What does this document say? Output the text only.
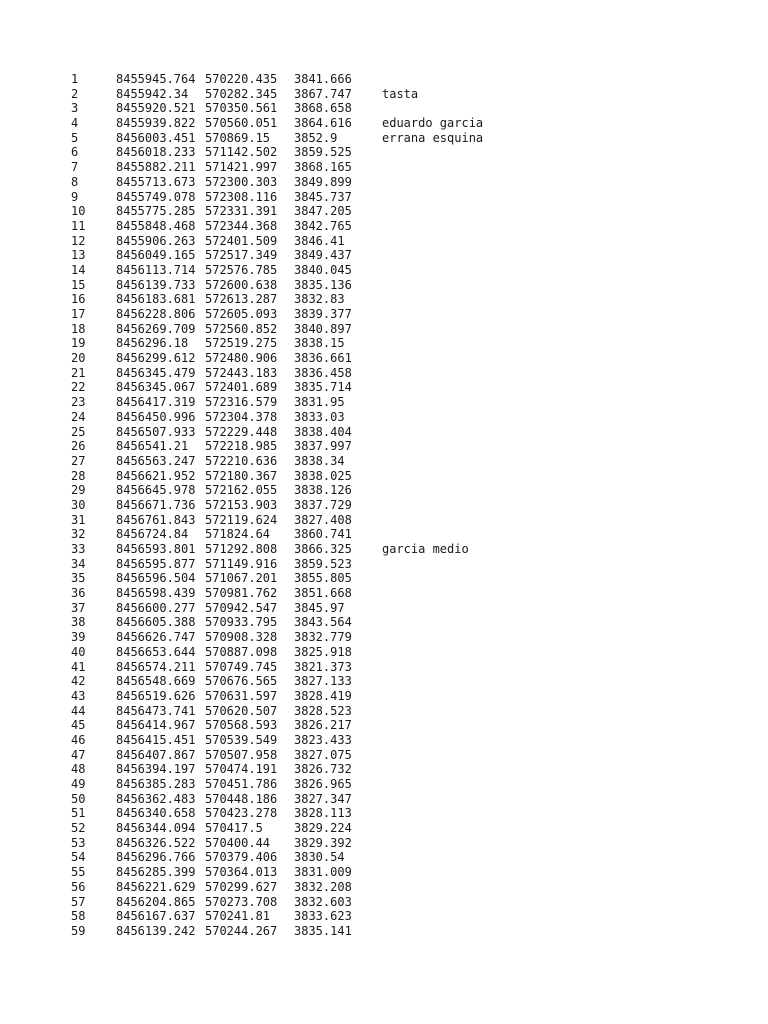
1	8455945.764 570220.435 3841.666
2	8455942.34 570282.345 3867.747	tasta
3	8455920.521 570350.561 3868.658
4	8455939.822 570560.051 3864.616	eduardo garcia
5	8456003.451 570869.15 3852.9	errana esquina
6	8456018.233 571142.502 3859.525
7	8455882.211 571421.997 3868.165
8	8455713.673 572300.303 3849.899
9	8455749.078 572308.116 3845.737
10	8455775.285 572331.391 3847.205
11	8455848.468 572344.368 3842.765
12	8455906.263 572401.509 3846.41
13	8456049.165 572517.349 3849.437
14	8456113.714 572576.785 3840.045
15	8456139.733 572600.638 3835.136
16	8456183.681 572613.287 3832.83
17	8456228.806 572605.093 3839.377
18	8456269.709 572560.852 3840.897
19	8456296.18 572519.275 3838.15
20	8456299.612 572480.906 3836.661
21	8456345.479 572443.183 3836.458
22	8456345.067 572401.689 3835.714
23	8456417.319 572316.579 3831.95
24	8456450.996 572304.378 3833.03
25	8456507.933 572229.448 3838.404
26	8456541.21 572218.985 3837.997
27	8456563.247 572210.636 3838.34
28	8456621.952 572180.367 3838.025
29	8456645.978 572162.055 3838.126
30	8456671.736 572153.903 3837.729
31	8456761.843 572119.624 3827.408
32	8456724.84 571824.64 3860.741
33	8456593.801 571292.808 3866.325	garcia medio
34	8456595.877 571149.916 3859.523
35	8456596.504 571067.201 3855.805
36	8456598.439 570981.762 3851.668
37	8456600.277 570942.547 3845.97
38	8456605.388 570933.795 3843.564
39	8456626.747 570908.328 3832.779
40	8456653.644 570887.098 3825.918
41	8456574.211 570749.745 3821.373
42	8456548.669 570676.565 3827.133
43	8456519.626 570631.597 3828.419
44	8456473.741 570620.507 3828.523
45	8456414.967 570568.593 3826.217
46	8456415.451 570539.549 3823.433
47	8456407.867 570507.958 3827.075
48	8456394.197 570474.191 3826.732
49	8456385.283 570451.786 3826.965
50	8456362.483 570448.186 3827.347
51	8456340.658 570423.278 3828.113
52	8456344.094 570417.5	3829.224
53	8456326.522 570400.44 3829.392
54	8456296.766 570379.406 3830.54
55	8456285.399 570364.013 3831.009
56	8456221.629 570299.627 3832.208
57	8456204.865 570273.708 3832.603
58	8456167.637 570241.81 3833.623
59	8456139.242 570244.267 3835.141
